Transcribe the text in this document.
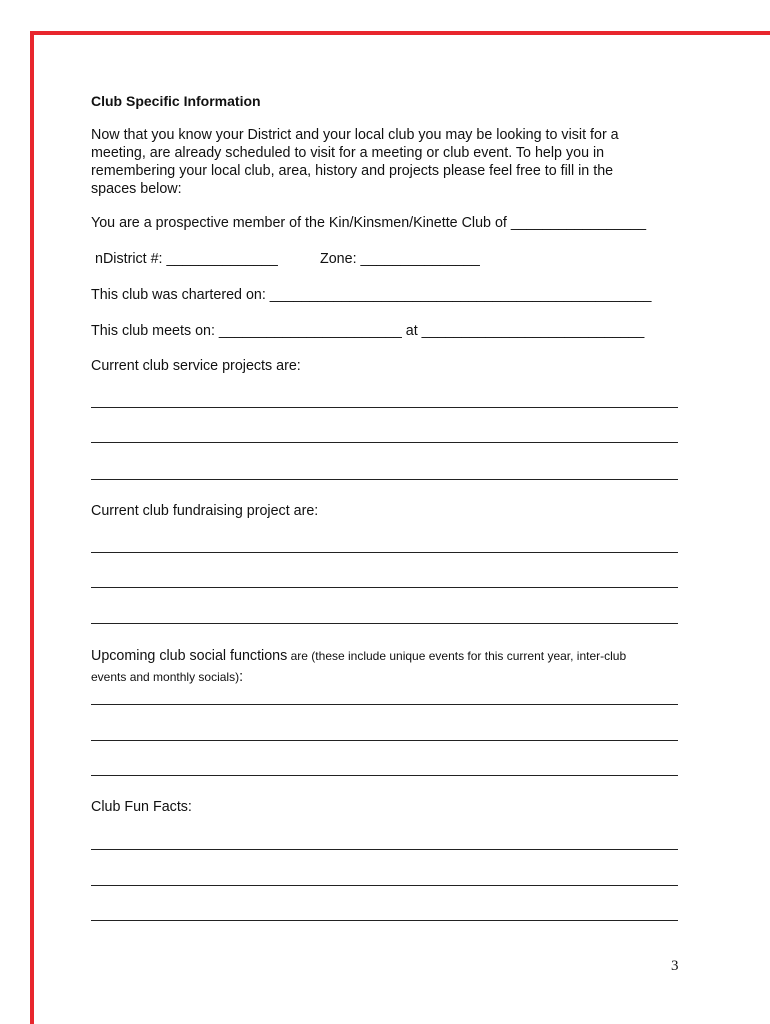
Club Specific Information
Now that you know your District and your local club you may be looking to visit for a
meeting, are already scheduled to visit for a meeting or club event. To help you in
remembering your local club, area, history and projects please feel free to fill in the
spaces below:
You are a prospective member of the Kin/Kinsmen/Kinette Club of _________________
nDistrict #: ______________	Zone: _______________
This club was chartered on: ________________________________________________
This club meets on: _______________________ at ____________________________
Current club service projects are:
Current club fundraising project are:
Upcoming club social functions are (these include unique events for this current year, inter-club
events and monthly socials):
Club Fun Facts:
3
